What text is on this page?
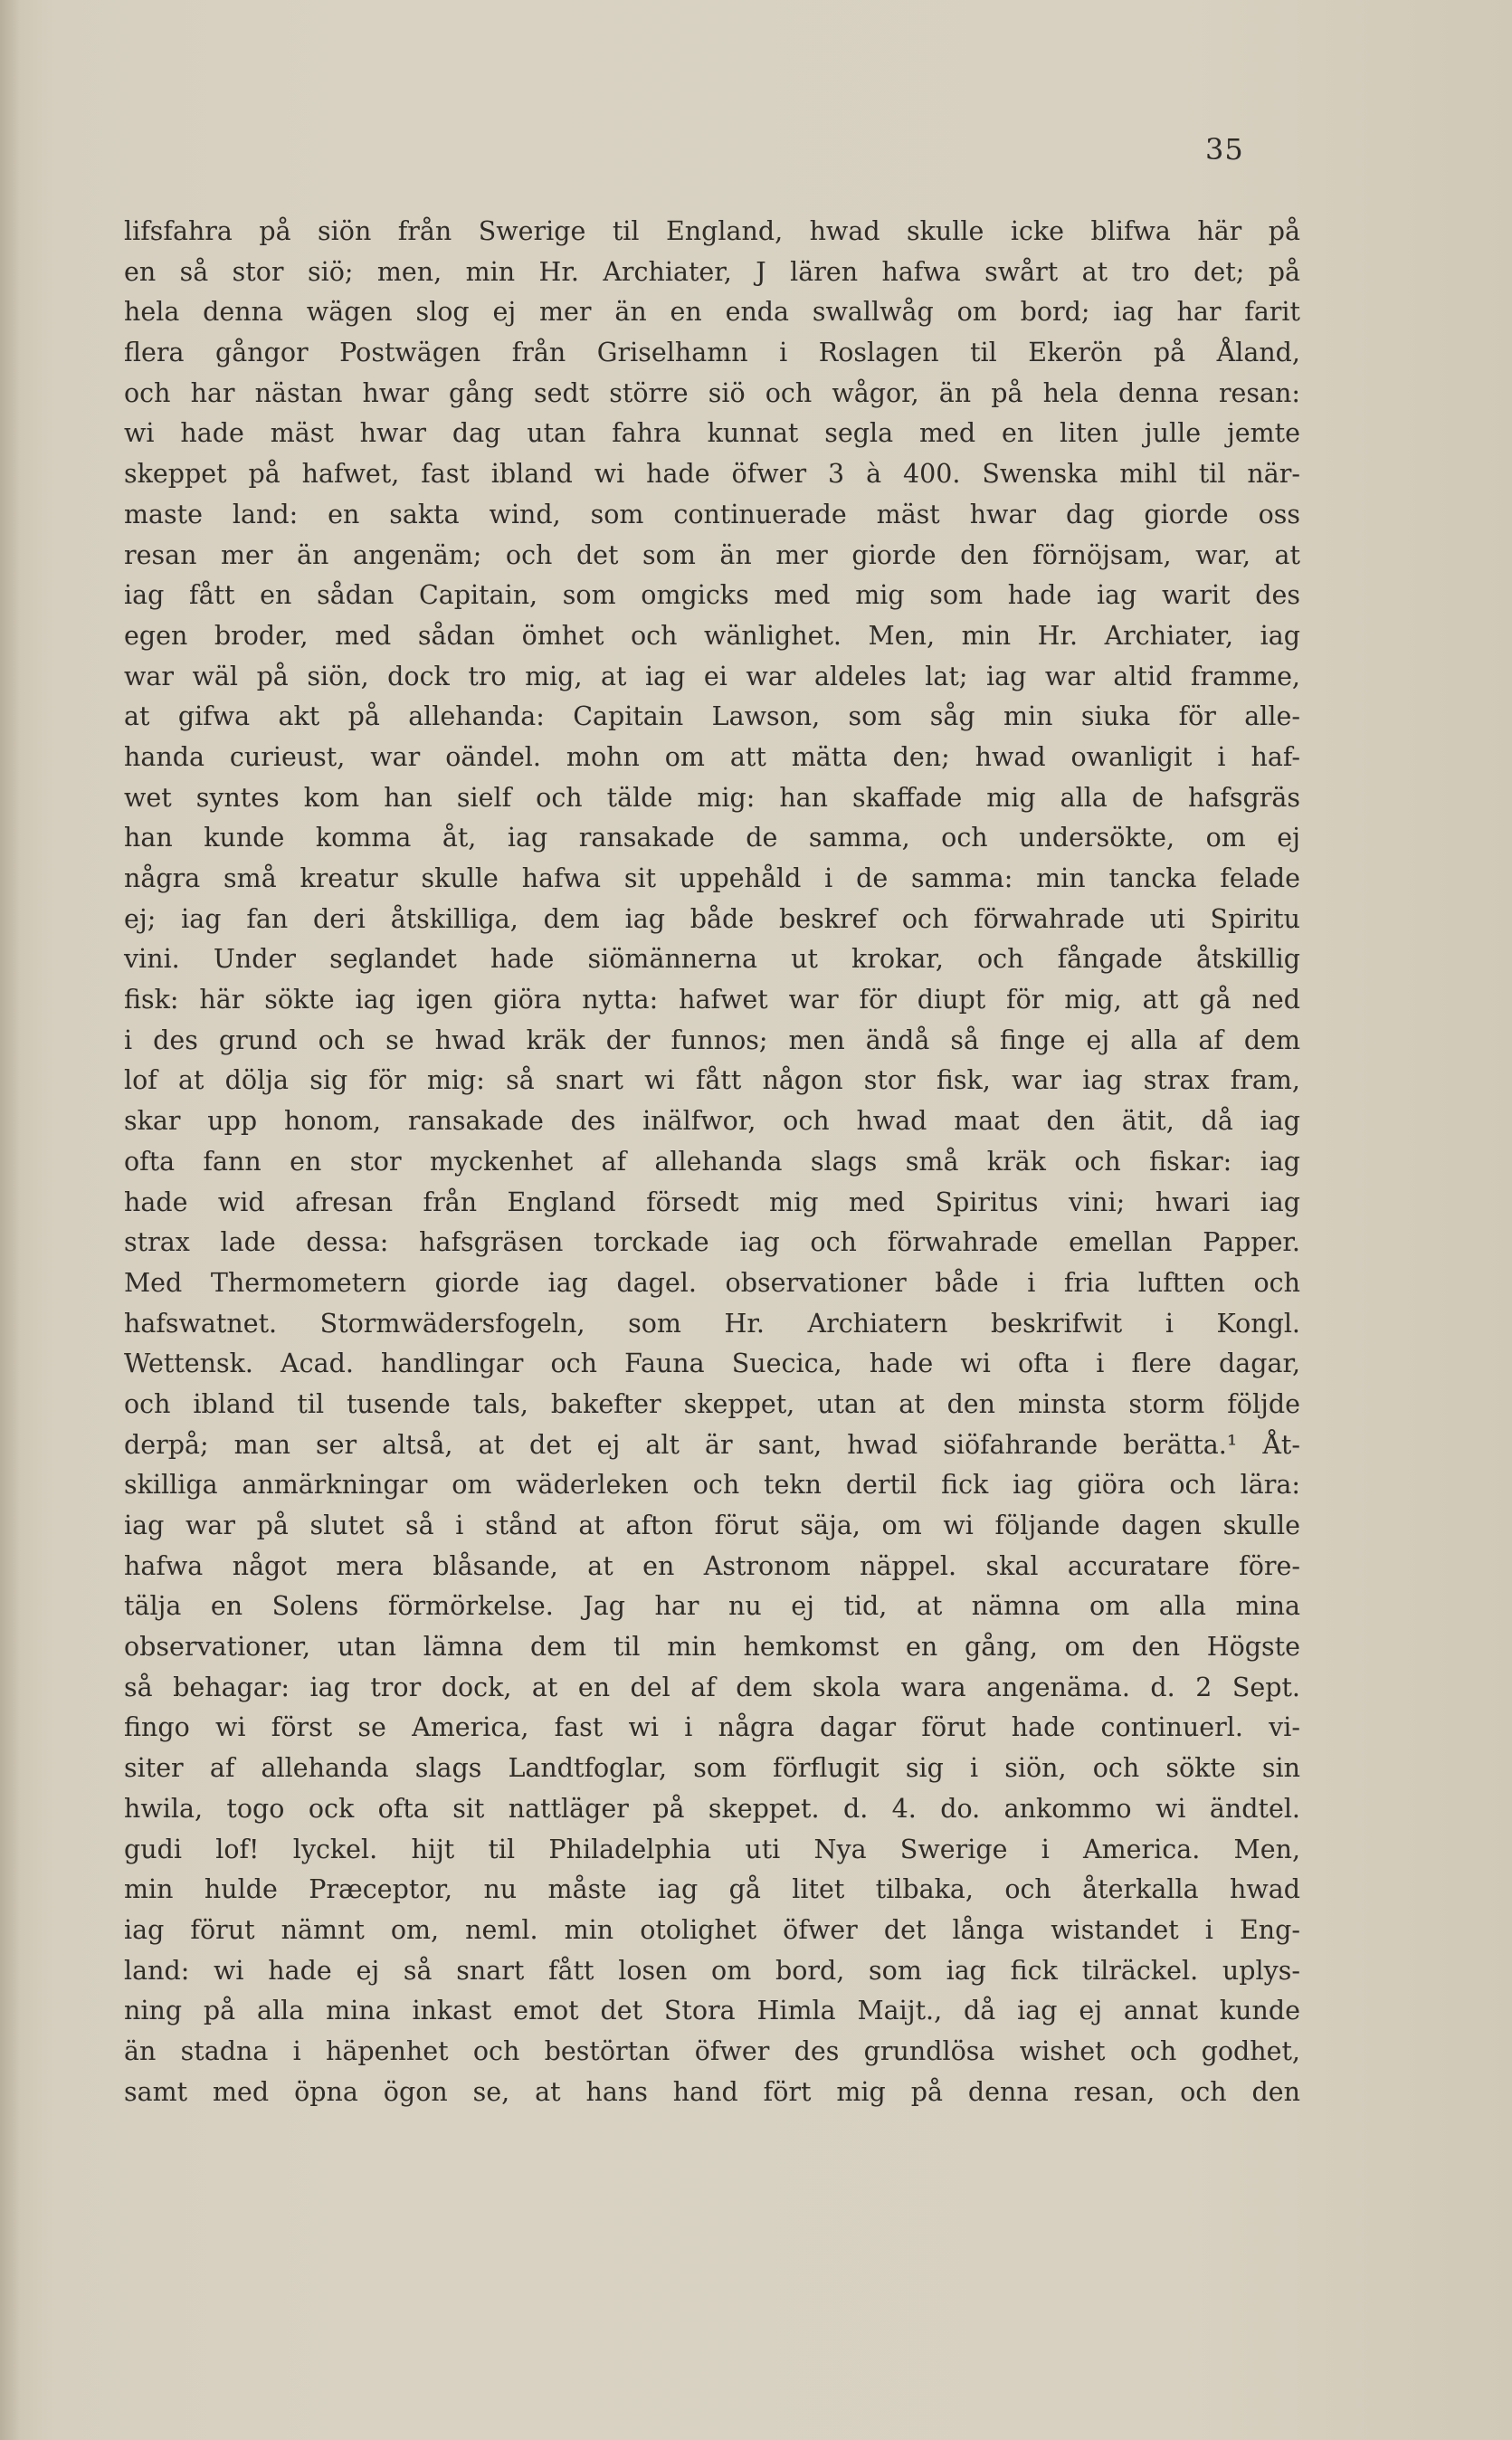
35
lifsfahra på siön från Swerige til England, hwad skulle icke blifwa här på
en så stor siö; men, min Hr. Archiater, J lären hafwa swårt at tro det; på
hela denna wägen slog ej mer än en enda swallwåg om bord; iag har farit
flera gångor Postwägen från Griselhamn i Roslagen til Ekerön på Åland,
och har nästan hwar gång sedt större siö och wågor, än på hela denna resan:
wi hade mäst hwar dag utan fahra kunnat segla med en liten julle jemte
skeppet på hafwet, fast ibland wi hade öfwer 3 à 400. Swenska mihl til när-
maste land: en sakta wind, som continuerade mäst hwar dag giorde oss
resan mer än angenäm; och det som än mer giorde den förnöjsam, war, at
iag fått en sådan Capitain, som omgicks med mig som hade iag warit des
egen broder, med sådan ömhet och wänlighet. Men, min Hr. Archiater, iag
war wäl på siön, dock tro mig, at iag ei war aldeles lat; iag war altid framme,
at gifwa akt på allehanda: Capitain Lawson, som såg min siuka för alle-
handa curieust, war oändel. mohn om att mätta den; hwad owanligit i haf-
wet syntes kom han sielf och tälde mig: han skaffade mig alla de hafsgräs
han kunde komma åt, iag ransakade de samma, och undersökte, om ej
några små kreatur skulle hafwa sit uppehåld i de samma: min tancka felade
ej; iag fan deri åtskilliga, dem iag både beskref och förwahrade uti Spiritu
vini. Under seglandet hade siömännerna ut krokar, och fångade åtskillig
fisk: här sökte iag igen giöra nytta: hafwet war för diupt för mig, att gå ned
i des grund och se hwad kräk der funnos; men ändå så finge ej alla af dem
lof at dölja sig för mig: så snart wi fått någon stor fisk, war iag strax fram,
skar upp honom, ransakade des inälfwor, och hwad maat den ätit, då iag
ofta fann en stor myckenhet af allehanda slags små kräk och fiskar: iag
hade wid afresan från England försedt mig med Spiritus vini; hwari iag
strax lade dessa: hafsgräsen torckade iag och förwahrade emellan Papper.
Med Thermometern giorde iag dagel. observationer både i fria luftten och
hafswatnet. Stormwädersfogeln, som Hr. Archiatern beskrifwit i Kongl.
Wettensk. Acad. handlingar och Fauna Suecica, hade wi ofta i flere dagar,
och ibland til tusende tals, bakefter skeppet, utan at den minsta storm följde
derpå; man ser altså, at det ej alt är sant, hwad siöfahrande berätta.¹ Åt-
skilliga anmärkningar om wäderleken och tekn dertil fick iag giöra och lära:
iag war på slutet så i stånd at afton förut säja, om wi följande dagen skulle
hafwa något mera blåsande, at en Astronom näppel. skal accuratare före-
tälja en Solens förmörkelse. Jag har nu ej tid, at nämna om alla mina
observationer, utan lämna dem til min hemkomst en gång, om den Högste
så behagar: iag tror dock, at en del af dem skola wara angenäma. d. 2 Sept.
fingo wi först se America, fast wi i några dagar förut hade continuerl. vi-
siter af allehanda slags Landtfoglar, som förflugit sig i siön, och sökte sin
hwila, togo ock ofta sit nattläger på skeppet. d. 4. do. ankommo wi ändtel.
gudi lof! lyckel. hijt til Philadelphia uti Nya Swerige i America. Men,
min hulde Præceptor, nu måste iag gå litet tilbaka, och återkalla hwad
iag förut nämnt om, neml. min otolighet öfwer det långa wistandet i Eng-
land: wi hade ej så snart fått losen om bord, som iag fick tilräckel. uplys-
ning på alla mina inkast emot det Stora Himla Maijt., då iag ej annat kunde
än stadna i häpenhet och bestörtan öfwer des grundlösa wishet och godhet,
samt med öpna ögon se, at hans hand fört mig på denna resan, och den
